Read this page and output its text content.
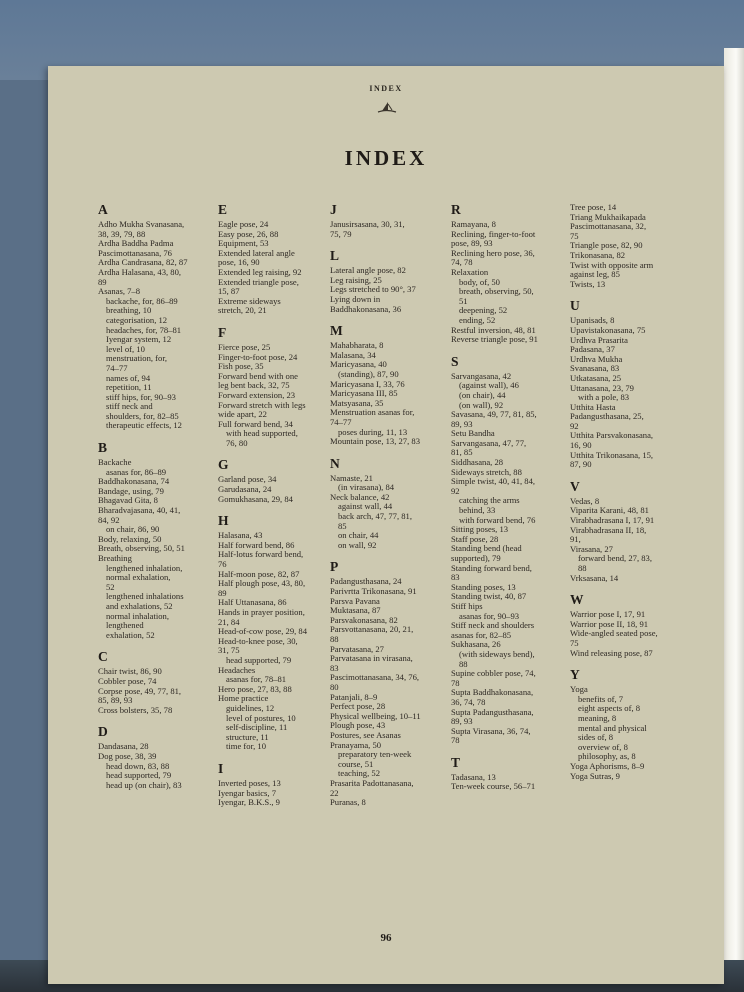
INDEX
INDEX
A
Adho Mukha Svanasana,
38, 39, 79, 88
Ardha Baddha Padma
Pascimottanasana, 76
Ardha Candrasana, 82, 87
Ardha Halasana, 43, 80,
89
Asanas, 7–8
backache, for, 86–89
breathing, 10
categorisation, 12
headaches, for, 78–81
Iyengar system, 12
level of, 10
menstruation, for,
74–77
names of, 94
repetition, 11
stiff hips, for, 90–93
stiff neck and
shoulders, for, 82–85
therapeutic effects, 12
B
Backache
asanas for, 86–89
Baddhakonasana, 74
Bandage, using, 79
Bhagavad Gita, 8
Bharadvajasana, 40, 41,
84, 92
on chair, 86, 90
Body, relaxing, 50
Breath, observing, 50, 51
Breathing
lengthened inhalation,
normal exhalation,
52
lengthened inhalations
and exhalations, 52
normal inhalation,
lengthened
exhalation, 52
C
Chair twist, 86, 90
Cobbler pose, 74
Corpse pose, 49, 77, 81,
85, 89, 93
Cross bolsters, 35, 78
D
Dandasana, 28
Dog pose, 38, 39
head down, 83, 88
head supported, 79
head up (on chair), 83
E
Eagle pose, 24
Easy pose, 26, 88
Equipment, 53
Extended lateral angle
pose, 16, 90
Extended leg raising, 92
Extended triangle pose,
15, 87
Extreme sideways
stretch, 20, 21
F
Fierce pose, 25
Finger-to-foot pose, 24
Fish pose, 35
Forward bend with one
leg bent back, 32, 75
Forward extension, 23
Forward stretch with legs
wide apart, 22
Full forward bend, 34
with head supported,
76, 80
G
Garland pose, 34
Garudasana, 24
Gomukhasana, 29, 84
H
Halasana, 43
Half forward bend, 86
Half-lotus forward bend,
76
Half-moon pose, 82, 87
Half plough pose, 43, 80,
89
Half Uttanasana, 86
Hands in prayer position,
21, 84
Head-of-cow pose, 29, 84
Head-to-knee pose, 30,
31, 75
head supported, 79
Headaches
asanas for, 78–81
Hero pose, 27, 83, 88
Home practice
guidelines, 12
level of postures, 10
self-discipline, 11
structure, 11
time for, 10
I
Inverted poses, 13
Iyengar basics, 7
Iyengar, B.K.S., 9
J
Janusirsasana, 30, 31,
75, 79
L
Lateral angle pose, 82
Leg raising, 25
Legs stretched to 90°, 37
Lying down in
Baddhakonasana, 36
M
Mahabharata, 8
Malasana, 34
Maricyasana, 40
(standing), 87, 90
Maricyasana I, 33, 76
Maricyasana III, 85
Matsyasana, 35
Menstruation asanas for,
74–77
poses during, 11, 13
Mountain pose, 13, 27, 83
N
Namaste, 21
(in virasana), 84
Neck balance, 42
against wall, 44
back arch, 47, 77, 81,
85
on chair, 44
on wall, 92
P
Padangusthasana, 24
Parivrtta Trikonasana, 91
Parsva Pavana
Muktasana, 87
Parsvakonasana, 82
Parsvottanasana, 20, 21,
88
Parvatasana, 27
Parvatasana in virasana,
83
Pascimottanasana, 34, 76,
80
Patanjali, 8–9
Perfect pose, 28
Physical wellbeing, 10–11
Plough pose, 43
Postures, see Asanas
Pranayama, 50
preparatory ten-week
course, 51
teaching, 52
Prasarita Padottanasana,
22
Puranas, 8
R
Ramayana, 8
Reclining, finger-to-foot
pose, 89, 93
Reclining hero pose, 36,
74, 78
Relaxation
body, of, 50
breath, observing, 50,
51
deepening, 52
ending, 52
Restful inversion, 48, 81
Reverse triangle pose, 91
S
Sarvangasana, 42
(against wall), 46
(on chair), 44
(on wall), 92
Savasana, 49, 77, 81, 85,
89, 93
Setu Bandha
Sarvangasana, 47, 77,
81, 85
Siddhasana, 28
Sideways stretch, 88
Simple twist, 40, 41, 84,
92
catching the arms
behind, 33
with forward bend, 76
Sitting poses, 13
Staff pose, 28
Standing bend (head
supported), 79
Standing forward bend,
83
Standing poses, 13
Standing twist, 40, 87
Stiff hips
asanas for, 90–93
Stiff neck and shoulders
asanas for, 82–85
Sukhasana, 26
(with sideways bend),
88
Supine cobbler pose, 74,
78
Supta Baddhakonasana,
36, 74, 78
Supta Padangusthasana,
89, 93
Supta Virasana, 36, 74,
78
T
Tadasana, 13
Ten-week course, 56–71
Tree pose, 14
Triang Mukhaikapada
Pascimottanasana, 32,
75
Triangle pose, 82, 90
Trikonasana, 82
Twist with opposite arm
against leg, 85
Twists, 13
U
Upanisads, 8
Upavistakonasana, 75
Urdhva Prasarita
Padasana, 37
Urdhva Mukha
Svanasana, 83
Utkatasana, 25
Uttanasana, 23, 79
with a pole, 83
Utthita Hasta
Padangusthasana, 25,
92
Utthita Parsvakonasana,
16, 90
Utthita Trikonasana, 15,
87, 90
V
Vedas, 8
Viparita Karani, 48, 81
Virabhadrasana I, 17, 91
Virabhadrasana II, 18,
91,
Virasana, 27
forward bend, 27, 83,
88
Vrksasana, 14
W
Warrior pose I, 17, 91
Warrior pose II, 18, 91
Wide-angled seated pose,
75
Wind releasing pose, 87
Y
Yoga
benefits of, 7
eight aspects of, 8
meaning, 8
mental and physical
sides of, 8
overview of, 8
philosophy, as, 8
Yoga Aphorisms, 8–9
Yoga Sutras, 9
96
